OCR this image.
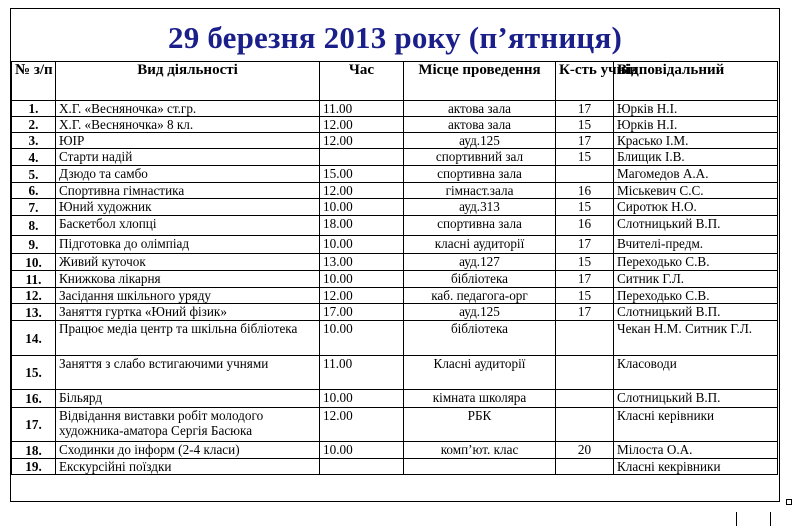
29 березня 2013 року (п’ятниця)
№ з/п	Вид діяльності	Час	Місце проведення	К-сть учнів	Відповідальний
1.	Х.Г. «Весняночка» ст.гр.	11.00	актова зала	17	Юрків Н.І.
2.	Х.Г. «Весняночка» 8 кл.	12.00	актова зала	15	Юрків Н.І.
3.	ЮІР	12.00	ауд.125	17	Красько І.М.
4.	Старти надій		спортивний зал	15	Блищик І.В.
5.	Дзюдо та самбо	15.00	спортивна зала		Магомедов А.А.
6.	Спортивна гімнастика	12.00	гімнаст.зала	16	Міськевич С.С.
7.	Юний художник	10.00	ауд.313	15	Сиротюк Н.О.
8.	Баскетбол хлопці	18.00	спортивна зала	16	Слотницький В.П.
9.	Підготовка до олімпіад	10.00	класні аудиторії	17	Вчителі-предм.
10.	Живий куточок	13.00	ауд.127	15	Переходько С.В.
11.	Книжкова лікарня	10.00	бібліотека	17	Ситник Г.Л.
12.	Засідання шкільного уряду	12.00	каб. педагога-орг	15	Переходько С.В.
13.	Заняття гуртка «Юний фізик»	17.00	ауд.125	17	Слотницький В.П.
14.	Працює медіа центр та шкільна бібліотека	10.00	бібліотека		Чекан Н.М. Ситник Г.Л.
15.	Заняття з слабо встигаючими учнями	11.00	Класні аудиторії		Класоводи
16.	Більярд	10.00	кімната школяра		Слотницький В.П.
17.	Відвідання виставки робіт молодого художника-аматора Сергія Басюка	12.00	РБК		Класні керівники
18.	Сходинки до інформ (2-4 класи)	10.00	комп’ют. клас	20	Мілоста О.А.
19.	Екскурсійні поїздки				Класні кекрівники
